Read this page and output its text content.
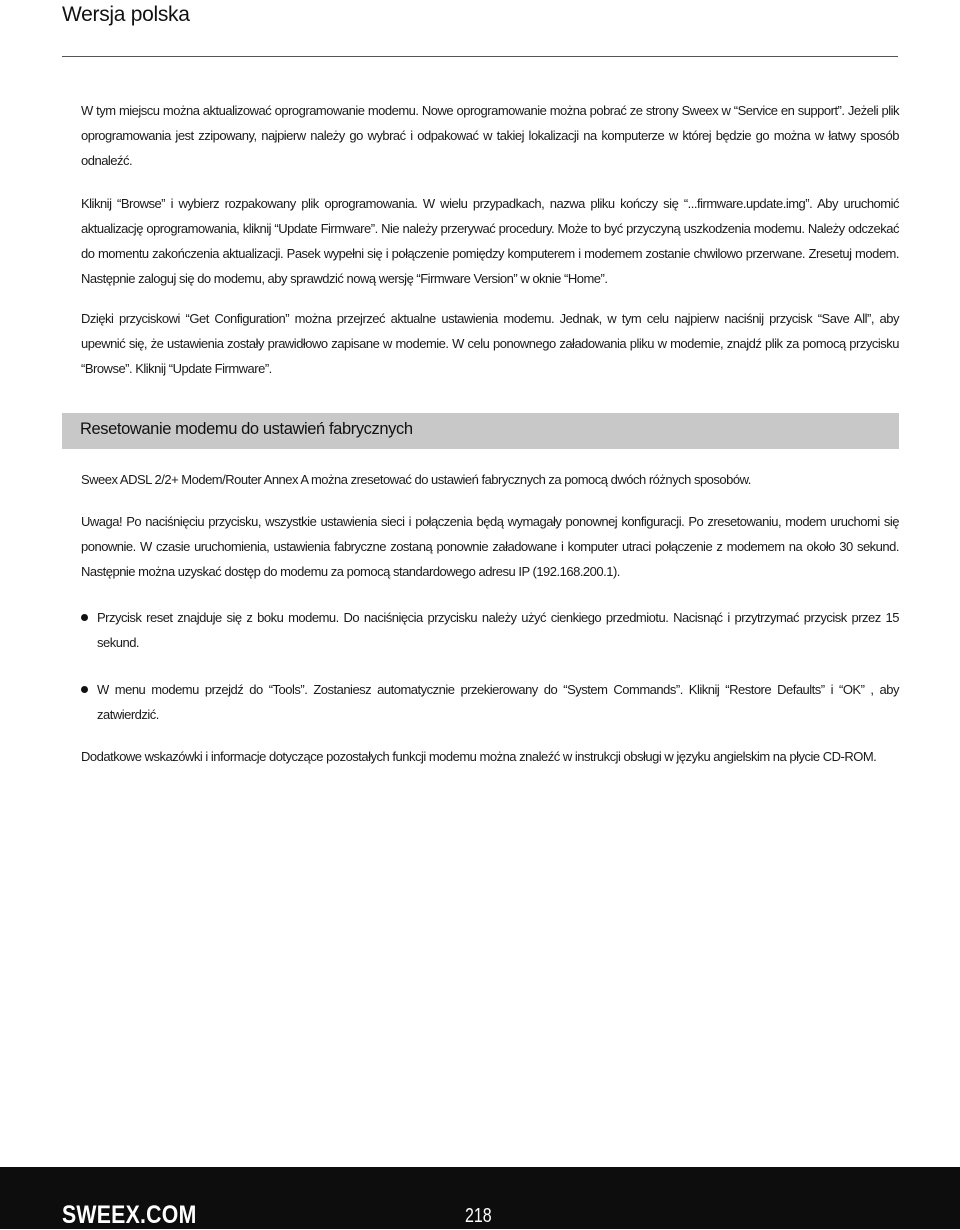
Wersja polska

W tym miejscu można aktualizować oprogramowanie modemu. Nowe oprogramowanie można pobrać ze strony Sweex w “Service en support”. Jeżeli plik oprogramowania jest zzipowany, najpierw należy go wybrać i odpakować w takiej lokalizacji na komputerze w której będzie go można w łatwy sposób odnaleźć.

Kliknij “Browse” i wybierz rozpakowany plik oprogramowania. W wielu przypadkach, nazwa pliku kończy się “...firmware.update.img”. Aby uruchomić aktualizację oprogramowania, kliknij “Update Firmware”. Nie należy przerywać procedury. Może to być przyczyną uszkodzenia modemu. Należy odczekać do momentu zakończenia aktualizacji. Pasek wypełni się i połączenie pomiędzy komputerem i modemem zostanie chwilowo przerwane. Zresetuj modem. Następnie zaloguj się do modemu, aby sprawdzić nową wersję “Firmware Version” w oknie “Home”.

Dzięki przyciskowi “Get Configuration” można przejrzeć aktualne ustawienia modemu. Jednak, w tym celu najpierw naciśnij przycisk “Save All”, aby upewnić się, że ustawienia zostały prawidłowo zapisane w modemie. W celu ponownego załadowania pliku w modemie, znajdź plik za pomocą przycisku “Browse”. Kliknij “Update Firmware”.

Resetowanie modemu do ustawień fabrycznych

Sweex ADSL 2/2+ Modem/Router Annex A można zresetować do ustawień fabrycznych za pomocą dwóch różnych sposobów.

Uwaga! Po naciśnięciu przycisku, wszystkie ustawienia sieci i połączenia będą wymagały ponownej konfiguracji. Po zresetowaniu, modem uruchomi się ponownie. W czasie uruchomienia, ustawienia fabryczne zostaną ponownie załadowane i komputer utraci połączenie z modemem na około 30 sekund. Następnie można uzyskać dostęp do modemu za pomocą standardowego adresu IP (192.168.200.1).

Przycisk reset znajduje się z boku modemu. Do naciśnięcia przycisku należy użyć cienkiego przedmiotu. Nacisnąć i przytrzymać przycisk przez 15 sekund.
W menu modemu przejdź do “Tools”. Zostaniesz automatycznie przekierowany do “System Commands”. Kliknij “Restore Defaults” i “OK” , aby zatwierdzić.

Dodatkowe wskazówki i informacje dotyczące pozostałych funkcji modemu można znaleźć w instrukcji obsługi w języku angielskim na płycie CD-ROM.

SWEEX.COM	218
